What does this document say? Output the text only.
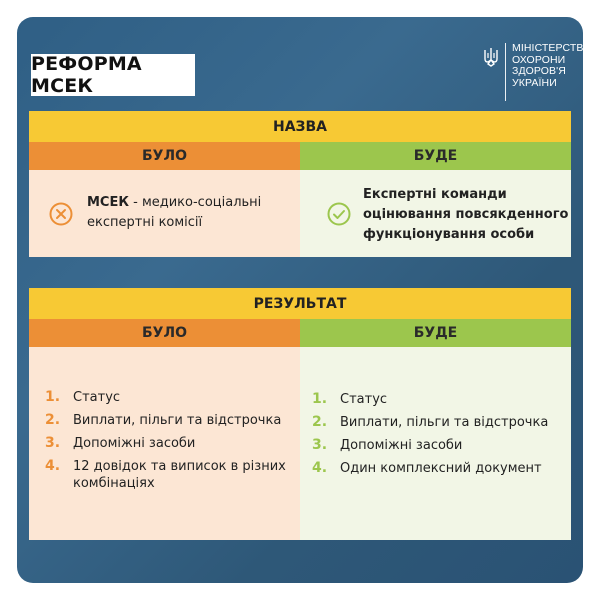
РЕФОРМА МСЕК
МІНІСТЕРСТВО
ОХОРОНИ
ЗДОРОВ'Я
УКРАЇНИ
НАЗВА
БУЛО	БУДЕ
МСЕК - медико-соціальні експертні комісії
Експертні команди оцінювання повсякденного функціонування особи
РЕЗУЛЬТАТ
БУЛО	БУДЕ
1. Статус
2. Виплати, пільги та відстрочка
3. Допоміжні засоби
4. 12 довідок та виписок в різних комбінаціях
1. Статус
2. Виплати, пільги та відстрочка
3. Допоміжні засоби
4. Один комплексний документ
